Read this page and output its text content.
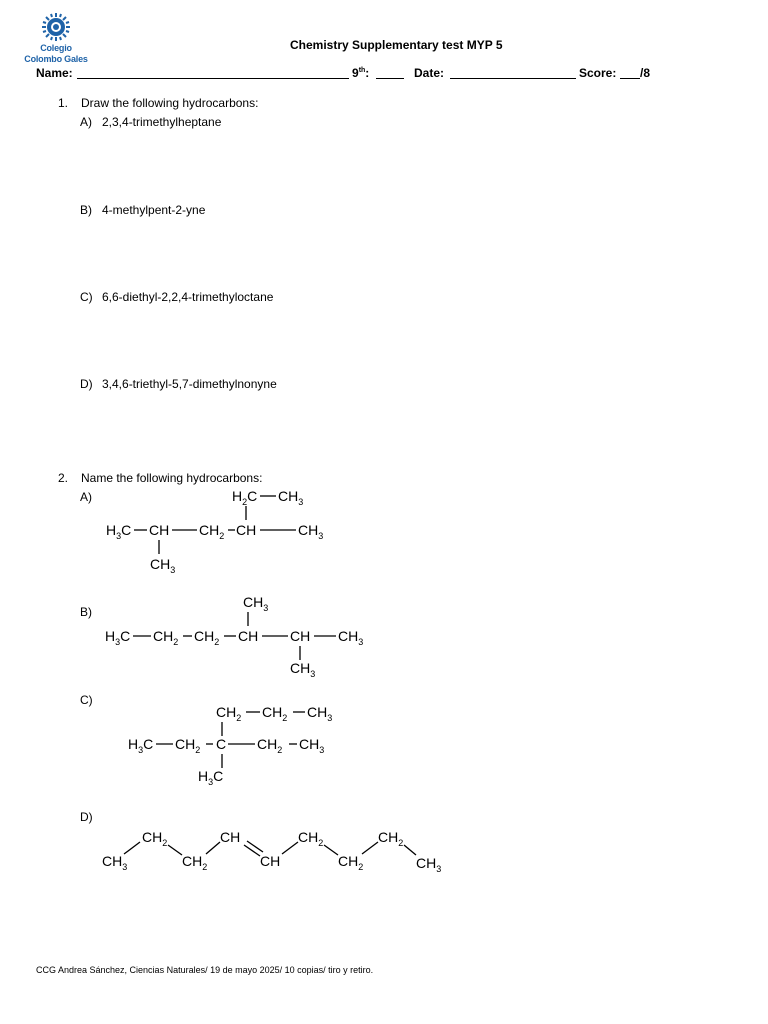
Colegio
Colombo Gales
Chemistry Supplementary test MYP 5
Name:	9th:	Date:	Score: /8
1. Draw the following hydrocarbons:
A) 2,3,4-trimethylheptane
B) 4-methylpent-2-yne
C) 6,6-diethyl-2,2,4-trimethyloctane
D) 3,4,6-triethyl-5,7-dimethylnonyne
2. Name the following hydrocarbons:
A)
B)
C)
D)
$H_2C$ $CH_3$
$H_3C$ CH $CH_2$ CH	$CH_3$
$CH_3$
$CH_3$
$H_3C$ $CH_2$ $CH_2$ CH CH $CH_3$
$CH_3$
$CH_2$ $CH_2$ $CH_3$
$H_3C$ $CH_2$ C $CH_2$ $CH_3$
$H_3C$
$CH_3$
$CH_2$
$CH_2$
CH
CH
$CH_2$
$CH_2$
$CH_2$
$CH_3$
CCG Andrea Sánchez, Ciencias Naturales/ 19 de mayo 2025/ 10 copias/ tiro y retiro.
